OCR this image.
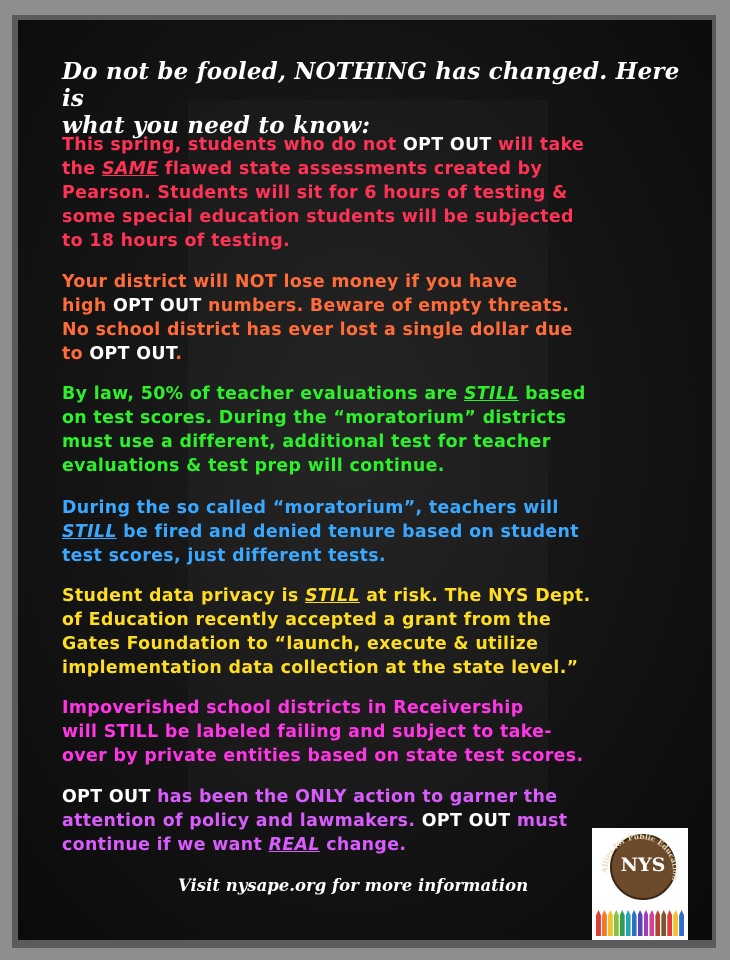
Do not be fooled, NOTHING has changed. Here is
what you need to know:
This spring, students who do not OPT OUT will take
the SAME flawed state assessments created by
Pearson. Students will sit for 6 hours of testing &
some special education students will be subjected
to 18 hours of testing.
Your district will NOT lose money if you have
high OPT OUT numbers. Beware of empty threats.
No school district has ever lost a single dollar due
to OPT OUT.
By law, 50% of teacher evaluations are STILL based
on test scores. During the “moratorium” districts
must use a different, additional test for teacher
evaluations & test prep will continue.
During the so called “moratorium”, teachers will
STILL be fired and denied tenure based on student
test scores, just different tests.
Student data privacy is STILL at risk. The NYS Dept.
of Education recently accepted a grant from the
Gates Foundation to “launch, execute & utilize
implementation data collection at the state level.”
Impoverished school districts in Receivership
will STILL be labeled failing and subject to take-
over by private entities based on state test scores.
OPT OUT has been the ONLY action to garner the
attention of policy and lawmakers. OPT OUT must
continue if we want REAL change.
Visit nysape.org for more information
Allies for Public Education
NYS
